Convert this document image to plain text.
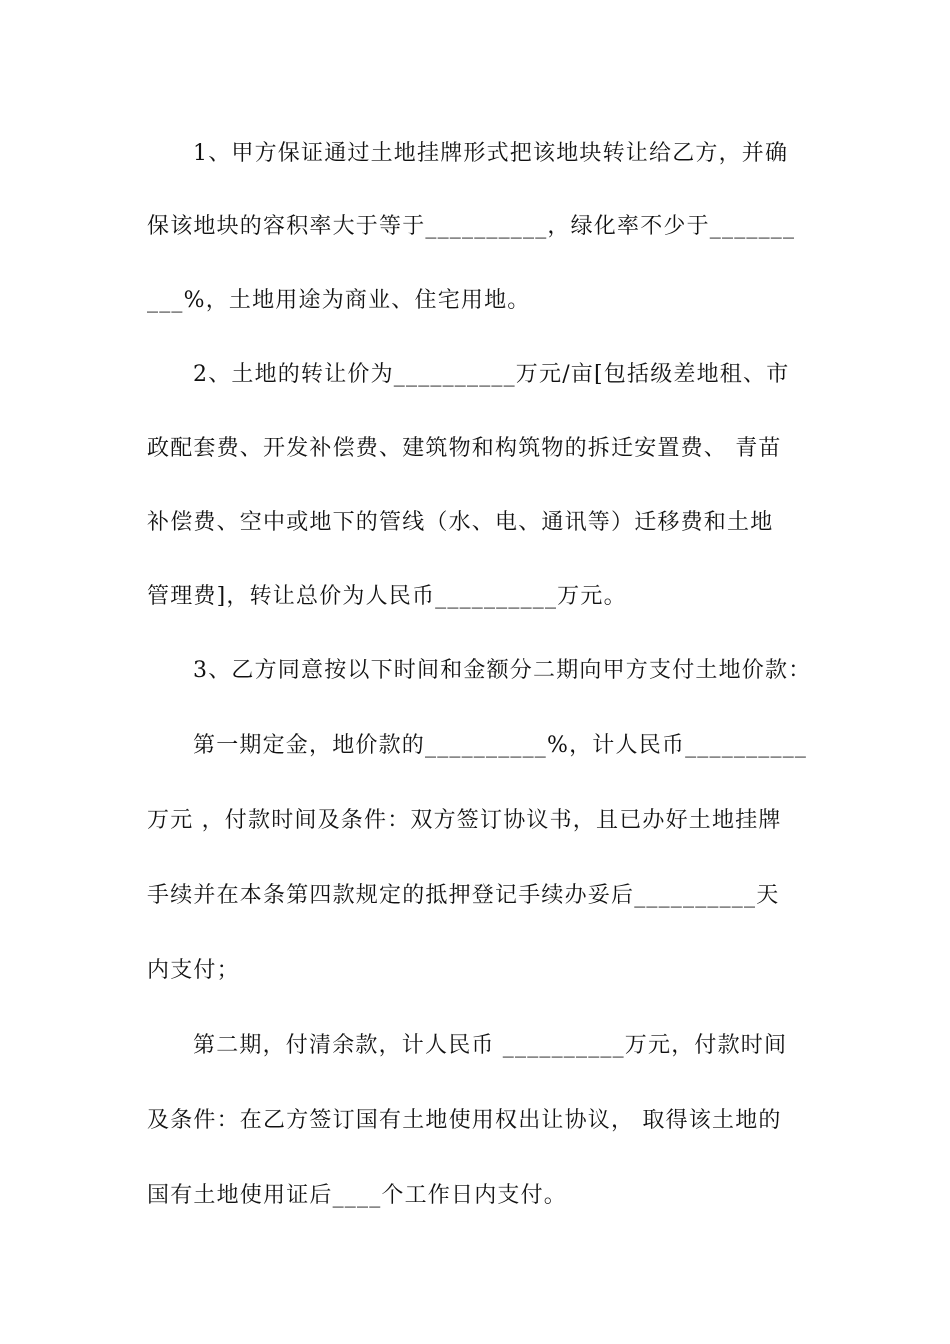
1、甲方保证通过土地挂牌形式把该地块转让给乙方，并确
保该地块的容积率大于等于__________，绿化率不少于_______
___%，土地用途为商业、住宅用地。
2、土地的转让价为__________万元/亩[包括级差地租、市
政配套费、开发补偿费、建筑物和构筑物的拆迁安置费、 青苗
补偿费、空中或地下的管线（水、电、通讯等）迁移费和土地
管理费]，转让总价为人民币__________万元。
3、乙方同意按以下时间和金额分二期向甲方支付土地价款：
第一期定金，地价款的__________%，计人民币__________
万元 ，付款时间及条件：双方签订协议书，且已办好土地挂牌
手续并在本条第四款规定的抵押登记手续办妥后__________天
内支付；
第二期，付清余款，计人民币 __________万元，付款时间
及条件：在乙方签订国有土地使用权出让协议， 取得该土地的
国有土地使用证后____个工作日内支付。
